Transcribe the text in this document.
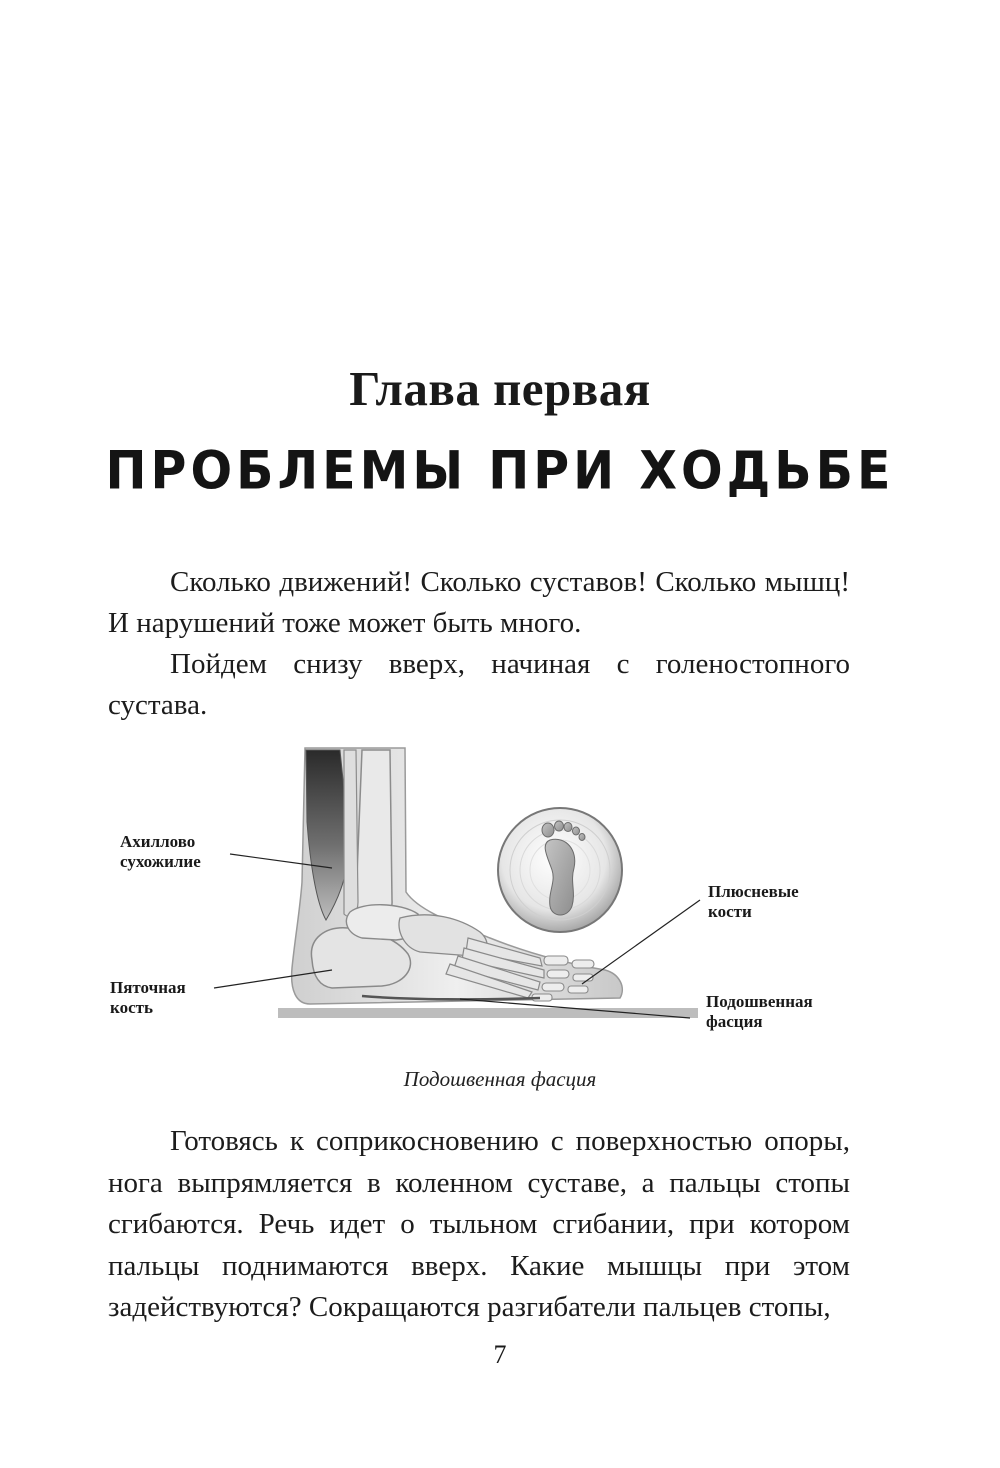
Глава первая
ПРОБЛЕМЫ ПРИ ХОДЬБЕ
Сколько движений! Сколько суставов! Сколько мышц! И нарушений тоже может быть много.
Пойдем снизу вверх, начиная с голеностопного сустава.
Ахиллово
сухожилие
Пяточная
кость
Плюсневые
кости
Подошвенная
фасция
Подошвенная фасция
Готовясь к соприкосновению с поверхностью опоры, нога выпрямляется в коленном суставе, а пальцы стопы сгибаются. Речь идет о тыльном сгибании, при котором пальцы поднимаются вверх. Какие мышцы при этом задействуются? Сокращаются разгибатели пальцев стопы,
7
